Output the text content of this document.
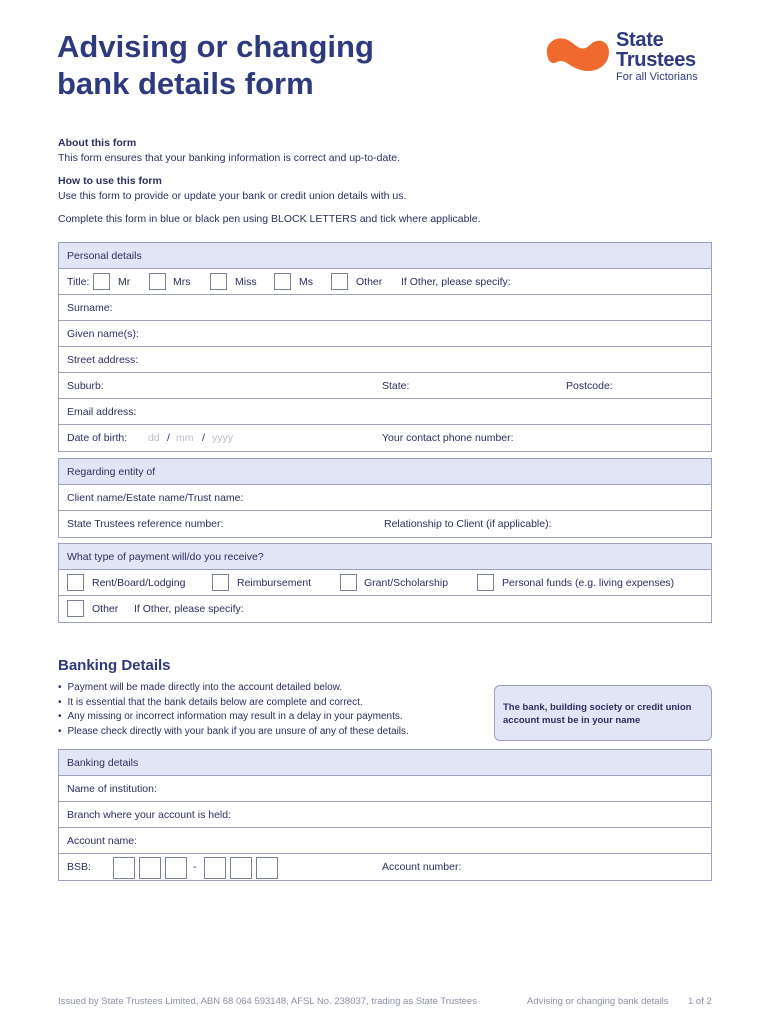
Advising or changing
bank details form
State
Trustees
For all Victorians
About this form
This form ensures that your banking information is correct and up-to-date.
How to use this form
Use this form to provide or update your bank or credit union details with us.
Complete this form in blue or black pen using BLOCK LETTERS and tick where applicable.
Personal details
Title:	Mr	Mrs	Miss	Ms	Other If Other, please specify:
Surname:
Given name(s):
Street address:
Suburb:	State:	Postcode:
Email address:
Date of birth: dd / mm / yyyy	Your contact phone number:
Regarding entity of
Client name/Estate name/Trust name:
State Trustees reference number:	Relationship to Client (if applicable):
What type of payment will/do you receive?
Rent/Board/Lodging	Reimbursement	Grant/Scholarship	Personal funds (e.g. living expenses)
Other If Other, please specify:
Banking Details
• Payment will be made directly into the account detailed below.
• It is essential that the bank details below are complete and correct.
• Any missing or incorrect information may result in a delay in your payments.
• Please check directly with your bank if you are unsure of any of these details.
The bank, building society or credit union account must be in your name
Banking details
Name of institution:
Branch where your account is held:
Account name:
BSB:	-	Account number:
Issued by State Trustees Limited, ABN 68 064 593148, AFSL No. 238037, trading as State Trustees	Advising or changing bank details 1 of 2
